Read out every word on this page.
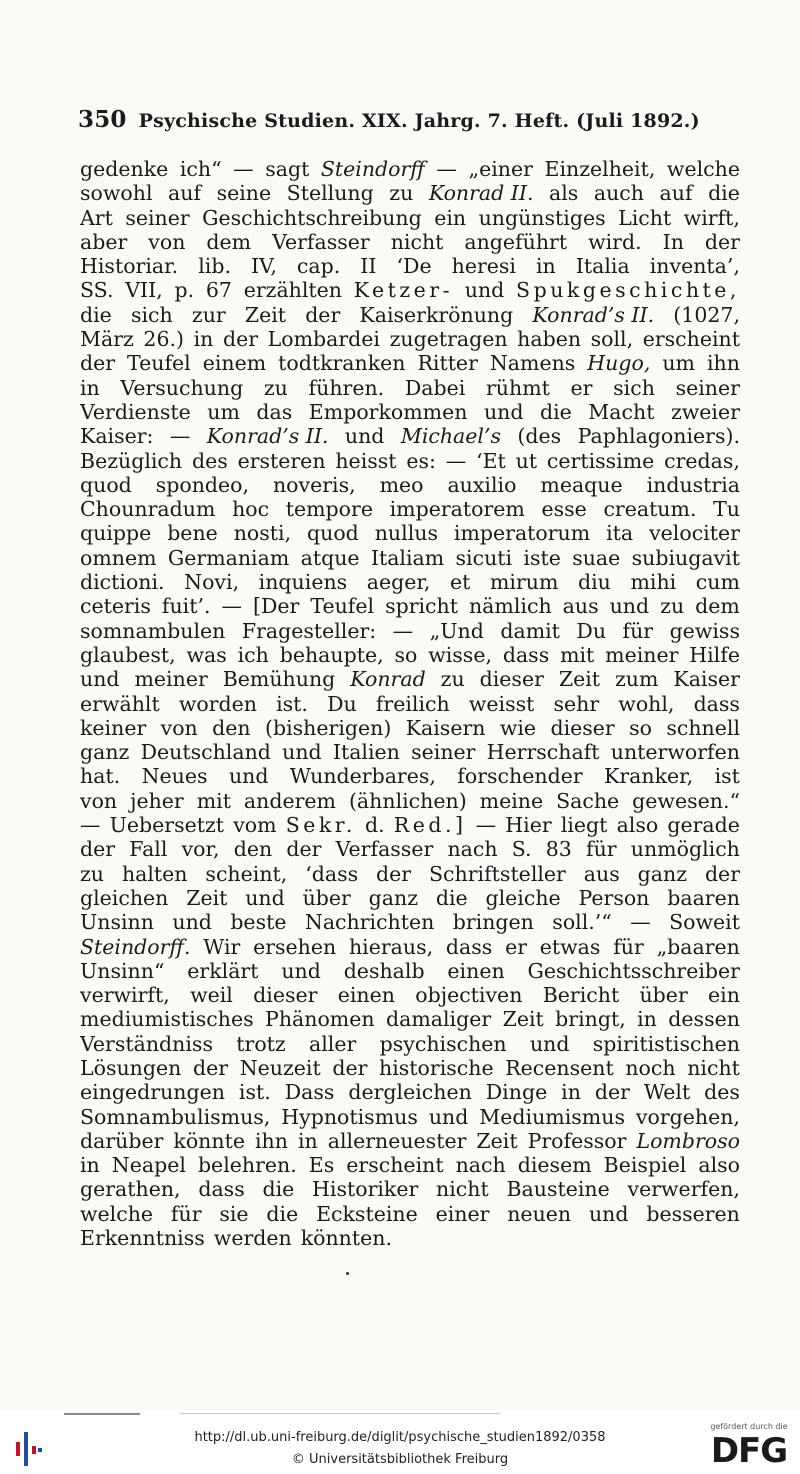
350 Psychische Studien. XIX. Jahrg. 7. Heft. (Juli 1892.)
gedenke ich“ — sagt Steindorff — „einer Einzelheit, welche
sowohl auf seine Stellung zu Konrad II. als auch auf die
Art seiner Geschichtschreibung ein ungünstiges Licht wirft,
aber von dem Verfasser nicht angeführt wird. In der
Historiar. lib. IV, cap. II ‘De heresi in Italia inventa’,
SS. VII, p. 67 erzählten Ketzer- und Spukgeschichte,
die sich zur Zeit der Kaiserkrönung Konrad’s II. (1027,
März 26.) in der Lombardei zugetragen haben soll, erscheint
der Teufel einem todtkranken Ritter Namens Hugo, um ihn
in Versuchung zu führen. Dabei rühmt er sich seiner
Verdienste um das Emporkommen und die Macht zweier
Kaiser: — Konrad’s II. und Michael’s (des Paphlagoniers).
Bezüglich des ersteren heisst es: — ‘Et ut certissime credas,
quod spondeo, noveris, meo auxilio meaque industria
Chounradum hoc tempore imperatorem esse creatum. Tu
quippe bene nosti, quod nullus imperatorum ita velociter
omnem Germaniam atque Italiam sicuti iste suae subiugavit
dictioni. Novi, inquiens aeger, et mirum diu mihi cum
ceteris fuit’. — [Der Teufel spricht nämlich aus und zu dem
somnambulen Fragesteller: — „Und damit Du für gewiss
glaubest, was ich behaupte, so wisse, dass mit meiner Hilfe
und meiner Bemühung Konrad zu dieser Zeit zum Kaiser
erwählt worden ist. Du freilich weisst sehr wohl, dass
keiner von den (bisherigen) Kaisern wie dieser so schnell
ganz Deutschland und Italien seiner Herrschaft unterworfen
hat. Neues und Wunderbares, forschender Kranker, ist
von jeher mit anderem (ähnlichen) meine Sache gewesen.“
— Uebersetzt vom Sekr. d. Red.] — Hier liegt also gerade
der Fall vor, den der Verfasser nach S. 83 für unmöglich
zu halten scheint, ‘dass der Schriftsteller aus ganz der
gleichen Zeit und über ganz die gleiche Person baaren
Unsinn und beste Nachrichten bringen soll.’“ — Soweit
Steindorff. Wir ersehen hieraus, dass er etwas für „baaren
Unsinn“ erklärt und deshalb einen Geschichtsschreiber
verwirft, weil dieser einen objectiven Bericht über ein
mediumistisches Phänomen damaliger Zeit bringt, in dessen
Verständniss trotz aller psychischen und spiritistischen
Lösungen der Neuzeit der historische Recensent noch nicht
eingedrungen ist. Dass dergleichen Dinge in der Welt des
Somnambulismus, Hypnotismus und Mediumismus vorgehen,
darüber könnte ihn in allerneuester Zeit Professor Lombroso
in Neapel belehren. Es erscheint nach diesem Beispiel also
gerathen, dass die Historiker nicht Bausteine verwerfen,
welche für sie die Ecksteine einer neuen und besseren
Erkenntniss werden könnten.
http://dl.ub.uni-freiburg.de/diglit/psychische_studien1892/0358
© Universitätsbibliothek Freiburg
gefördert durch die
DFG
